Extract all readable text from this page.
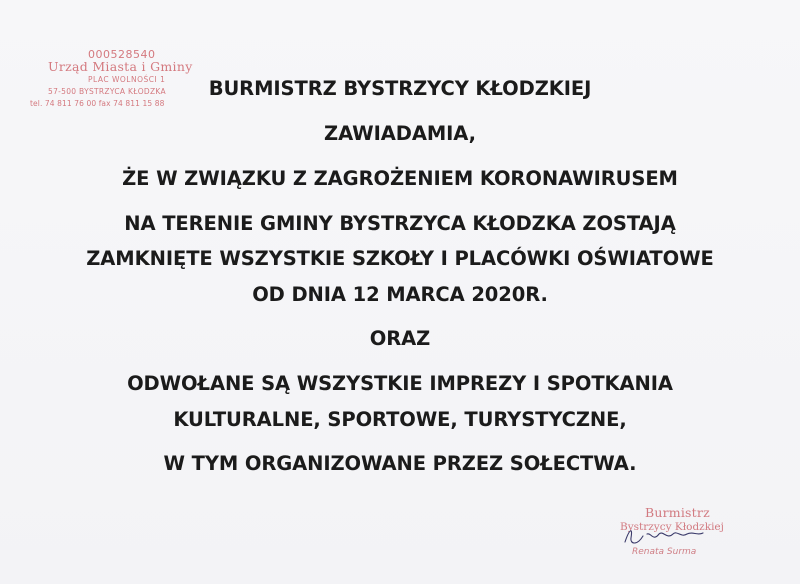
000528540
Urząd Miasta i Gminy
PLAC WOLNOŚCI 1
57-500 BYSTRZYCA KŁODZKA
tel. 74 811 76 00 fax 74 811 15 88
BURMISTRZ BYSTRZYCY KŁODZKIEJ
ZAWIADAMIA,
ŻE W ZWIĄZKU Z ZAGROŻENIEM KORONAWIRUSEM
NA TERENIE GMINY BYSTRZYCA KŁODZKA ZOSTAJĄ
ZAMKNIĘTE WSZYSTKIE SZKOŁY I PLACÓWKI OŚWIATOWE
OD DNIA 12 MARCA 2020R.
ORAZ
ODWOŁANE SĄ WSZYSTKIE IMPREZY I SPOTKANIA
KULTURALNE, SPORTOWE, TURYSTYCZNE,
W TYM ORGANIZOWANE PRZEZ SOŁECTWA.
Burmistrz
Bystrzycy Kłodzkiej
Renata Surma
